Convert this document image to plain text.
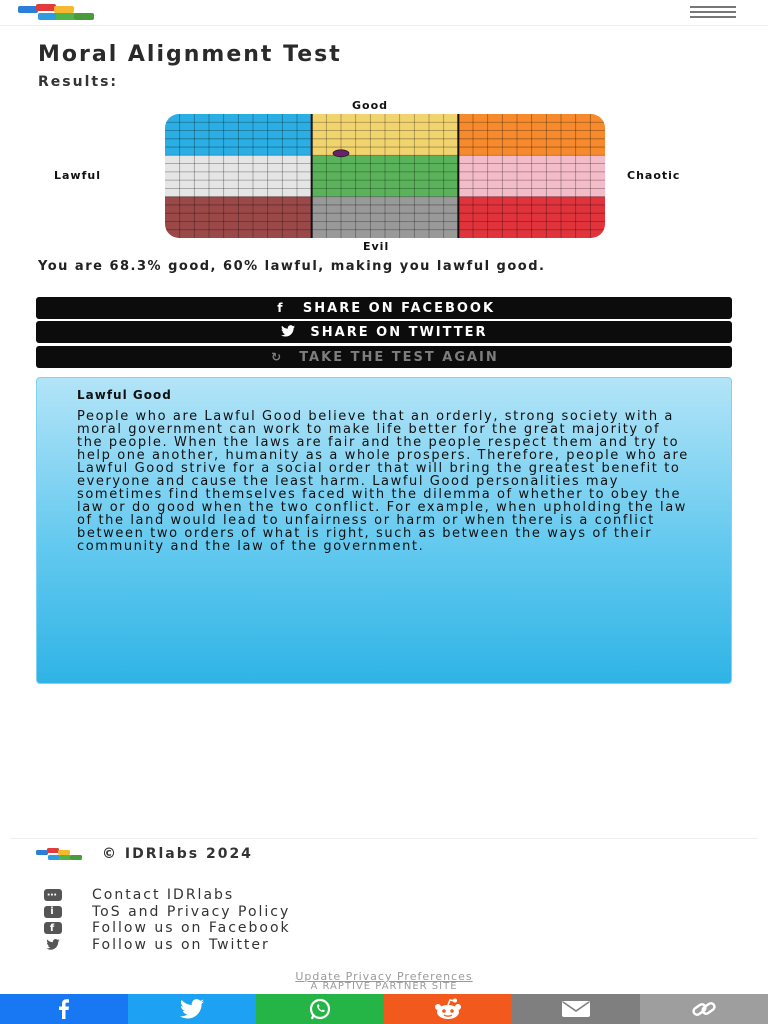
Moral Alignment Test
Results:
Good
Lawful	Chaotic
Evil
You are 68.3% good, 60% lawful, making you lawful good.
f	SHARE ON FACEBOOK
SHARE ON TWITTER
↻ TAKE THE TEST AGAIN
Lawful Good
People who are Lawful Good believe that an orderly, strong society with a moral government can work to make life better for the great majority of the people. When the laws are fair and the people respect them and try to help one another, humanity as a whole prospers. Therefore, people who are Lawful Good strive for a social order that will bring the greatest benefit to everyone and cause the least harm. Lawful Good personalities may sometimes find themselves faced with the dilemma of whether to obey the law or do good when the two conflict. For example, when upholding the law of the land would lead to unfairness or harm or when there is a conflict between two orders of what is right, such as between the ways of their community and the law of the government.
© IDRlabs 2024
⋯ Contact IDRlabs
i	ToS and Privacy Policy
f	Follow us on Facebook
Follow us on Twitter
Update Privacy Preferences
A RAPTIVE PARTNER SITE
